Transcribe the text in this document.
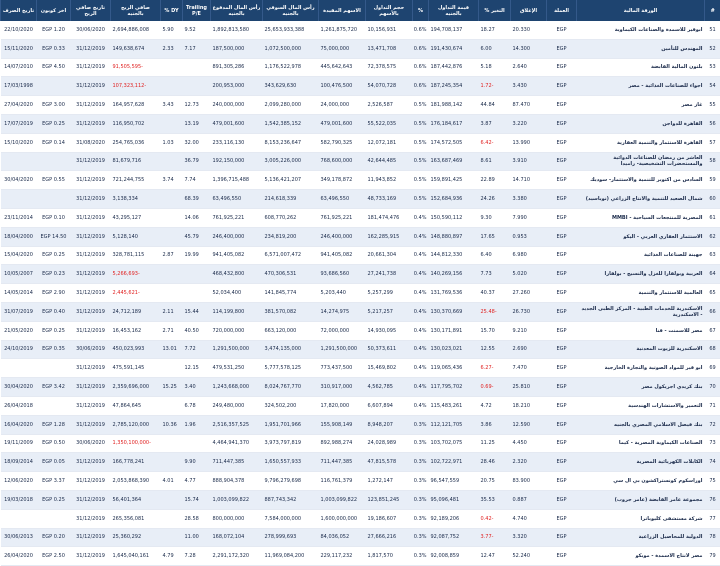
#	الورقة المالية	العملة	الإغلاق	التغير %	قيمة التداول بالجنيه	%	حجم التداول بالأسهم	الاسهم المقيدة	رأس المال السوقي بالجنيه	رأس المال المدفوع بالجنيه	Trailing P/E	DY %	صافي الربح بالجنيه	تاريخ صافي الربح	اخر كوبون	تاريخ الصرف
51	ابوقير للاسمدة والصناعات الكيماوية	EGP	20.330	18.27	194,708,137	0.6%	10,156,931	1,261,875,720	25,653,933,388	1,892,813,580	9.52	5.90	2,694,886,008	30/06/2020	EGP 1.20	22/10/2020
52	المهندس للتأمين	EGP	14.300	6.00	191,430,674	0.6%	13,471,708	75,000,000	1,072,500,000	187,500,000	7.17	2.33	149,638,674	31/12/2019	EGP 0.33	15/11/2020
53	بلتون المالية القابضة	EGP	2.640	5.18	187,442,876	0.6%	72,378,575	445,642,643	1,176,522,978	891,305,286			-91,505,595	31/12/2019	EGP 4.50	14/07/2010
54	اجواء للصناعات الغذائية - مصر	EGP	3.430	-1.72	187,245,354	0.6%	54,070,728	100,476,500	343,629,630	200,953,000			-107,323,112	31/12/2019		17/03/1998
55	غاز مصر	EGP	87.470	44.84	181,988,142	0.5%	2,526,587	24,000,000	2,099,280,000	240,000,000	12.73	3.43	164,957,628	31/12/2019	EGP 3.00	27/04/2020
56	القاهرة للدواجن	EGP	3.220	3.87	176,184,617	0.5%	55,522,035	479,001,600	1,542,385,152	479,001,600	13.19		116,950,702	31/12/2019	EGP 0.25	17/07/2019
57	القاهرة للاستثمار والتنمية العقارية	EGP	13.990	-6.42	174,572,505	0.5%	12,072,181	582,790,325	8,153,236,647	233,116,130	32.00	1.03	254,765,036	31/08/2020	EGP 0.14	15/10/2020
58	العاشر من رمضان للصناعات الدوائية والمستحضرات التشخيصية- راميدا	EGP	3.910	8.61	163,687,469	0.5%	42,644,485	768,600,000	3,005,226,000	192,150,000	36.79		81,679,716	31/12/2019		
59	السادس من اكتوبر للتنمية والاستثمار- سوديك	EGP	14.710	22.89	159,891,425	0.5%	11,943,852	349,178,872	5,136,421,207	1,396,715,488	7.74	3.74	721,244,755	31/12/2019	EGP 0.55	30/04/2020
60	شمال الصعيد للتنمية والانتاج الزراعي (نوباسيد)	EGP	3.380	24.26	152,684,936	0.5%	48,733,169	63,496,550	214,618,339	63,496,550	68.39		3,138,334	31/12/2019		
61	المصرية للمنتجعات السياحية - MMBI	EGP	7.990	9.30	150,590,112	0.4%	181,474,476	761,925,221	608,770,262	761,925,221	14.06		43,295,127	31/12/2019	EGP 0.10	23/11/2014
62	الاستثمار العقاري العربي - اليكو	EGP	0.953	17.65	148,880,897	0.4%	162,285,915	246,400,000	234,819,200	246,400,000	45.79		5,128,140	31/12/2019	EGP 14.50	18/04/2000
63	جهينة للصناعات الغذائية	EGP	6.980	6.40	144,812,330	0.4%	20,661,304	941,405,082	6,571,007,472	941,405,082	19.99	2.87	328,781,115	31/12/2019	EGP 0.25	15/04/2020
64	العربية وبولفارا للغزل والنسيج - بولفارا	EGP	5.020	7.73	140,269,156	0.4%	27,241,738	93,686,560	470,306,531	468,432,800			-5,266,693	31/12/2019	EGP 0.23	10/05/2007
65	العالمية للاستثمار والتنمية	EGP	27.260	40.37	131,769,536	0.4%	5,257,299	5,203,440	141,845,774	52,034,400			-2,445,621	31/12/2019	EGP 2.90	14/05/2014
66	الاسكندرية للخدمات الطبية - المركز الطبى الجديد - الاسكندرية	EGP	26.730	-25.48	130,370,669	0.4%	5,217,257	14,274,975	381,570,082	114,199,800	15.44	2.11	24,712,189	31/12/2019	EGP 0.40	31/07/2019
67	مصر للاسمنت - قنا	EGP	9.210	15.70	130,171,891	0.4%	14,930,095	72,000,000	663,120,000	720,000,000	40.50	2.71	16,453,162	31/12/2019	EGP 0.25	21/05/2020
68	الاسكندرية للزيوت المعدنية	EGP	2.690	12.55	130,023,021	0.4%	50,373,611	1,291,500,000	3,474,135,000	1,291,500,000	7.72	13.01	450,023,993	30/06/2019	EGP 0.35	24/10/2019
69	ابو قير للمواد الصوتية والتجارة الخارجية	EGP	7.470	-6.27	119,065,436	0.4%	15,469,802	773,437,500	5,777,578,125	479,531,250	12.15		475,591,145	31/12/2019		
70	بنك كريدي اجريكول مصر	EGP	25.810	-0.69	117,795,702	0.4%	4,562,785	310,917,000	8,024,767,770	1,243,668,000	3.40	15.25	2,359,696,000	31/12/2019	EGP 3.42	30/04/2020
71	التعمير والاستشارات الهندسية	EGP	18.210	4.72	115,483,261	0.4%	6,607,894	17,820,000	324,502,200	249,480,000	6.78		47,864,645	31/12/2019		26/04/2018
72	بنك فيصل الاسلامي المصري بالجنيه	EGP	12.590	3.86	112,121,705	0.3%	8,948,207	155,908,149	1,951,701,966	2,516,357,525	1.96	10.36	2,785,120,000	31/12/2019	EGP 1.28	16/04/2020
73	الصناعات الكيماوية المصرية - كيما	EGP	4.450	11.25	103,702,075	0.3%	24,028,989	892,988,274	3,973,797,819	4,464,941,370			-1,350,100,000	30/06/2020	EGP 0.50	19/11/2009
74	الكابلات الكهربائية المصرية	EGP	2.320	28.46	102,722,971	0.3%	47,815,578	711,447,385	1,650,557,933	711,447,385	9.90		166,778,241	31/12/2019	EGP 0.05	18/09/2014
75	اوراسكوم كونستراكشون بي ال سي	EGP	83.900	20.75	96,547,559	0.3%	1,272,147	116,761,379	9,796,279,698	888,904,378	4.77	4.01	2,053,868,390	31/12/2019	EGP 3.37	12/06/2020
76	مجموعة عامر القابضة (عامر جروب)	EGP	0.887	35.53	95,096,481	0.3%	123,851,245	1,003,099,822	887,743,342	1,003,099,822	15.74		56,401,364	31/12/2019	EGP 0.25	19/03/2018
77	شركة مستشفى كليوباترا	EGP	4.740	-0.42	92,189,206	0.3%	19,186,607	1,600,000,000	7,584,000,000	800,000,000	28.58		265,356,081	31/12/2019		
78	الدولية للمحاصيل الزراعية	EGP	3.320	-3.77	92,087,752	0.3%	27,666,216	84,036,052	278,999,693	168,072,104	11.00		25,360,292	31/12/2019	EGP 0.20	30/06/2013
79	مصر لانتاج الاسمدة - موبكو	EGP	52.240	12.47	92,008,859	0.3%	1,817,570	229,117,232	11,969,084,200	2,291,172,320	7.28	4.79	1,645,040,161	31/12/2019	EGP 2.50	26/04/2020
